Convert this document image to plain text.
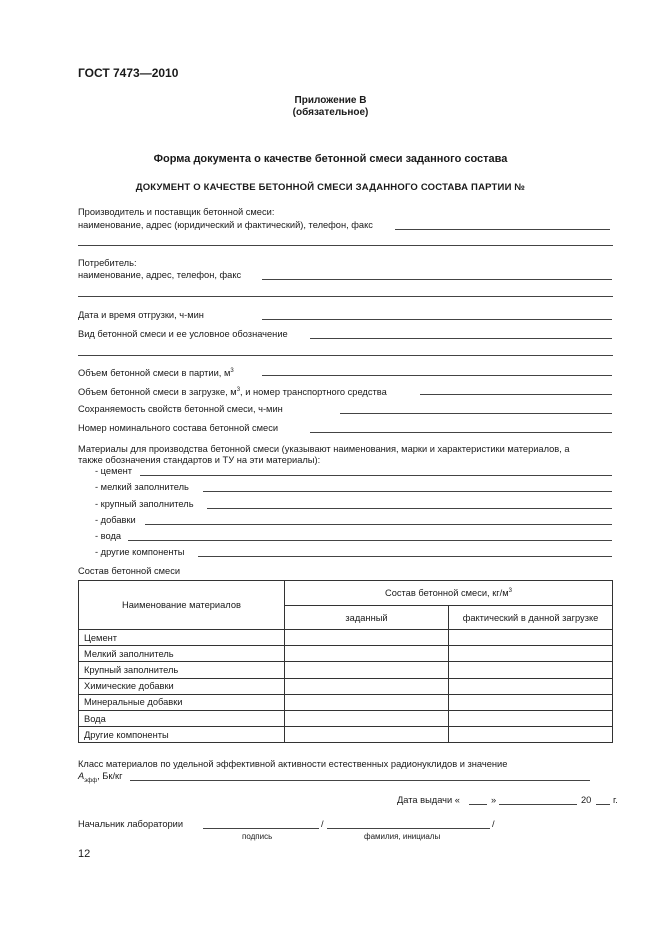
ГОСТ 7473—2010
Приложение В
(обязательное)
Форма документа о качестве бетонной смеси заданного состава
ДОКУМЕНТ О КАЧЕСТВЕ БЕТОННОЙ СМЕСИ ЗАДАННОГО СОСТАВА ПАРТИИ №
Производитель и поставщик бетонной смеси:
наименование, адрес (юридический и фактический), телефон, факс
Потребитель:
наименование, адрес, телефон, факс
Дата и время отгрузки, ч-мин
Вид бетонной смеси и ее условное обозначение
Объем бетонной смеси в партии, $м^3$
Объем бетонной смеси в загрузке, $м^3$, и номер транспортного средства
Сохраняемость свойств бетонной смеси, ч-мин
Номер номинального состава бетонной смеси
Материалы для производства бетонной смеси (указывают наименования, марки и характеристики материалов, а
также обозначения стандартов и ТУ на эти материалы):
- цемент
- мелкий заполнитель
- крупный заполнитель
- добавки
- вода
- другие компоненты
Состав бетонной смеси
Наименование материалов	Состав бетонной смеси, $кг/м^3$
	заданный	фактический в данной загрузке
Цемент		
Мелкий заполнитель		
Крупный заполнитель		
Химические добавки		
Минеральные добавки		
Вода		
Другие компоненты		
Класс материалов по удельной эффективной активности естественных радионуклидов и значение
$А_{эфф}$, Бк/кг
Дата выдачи «	»	20 г.
Начальник лаборатории	/	/
подпись	фамилия, инициалы
12
